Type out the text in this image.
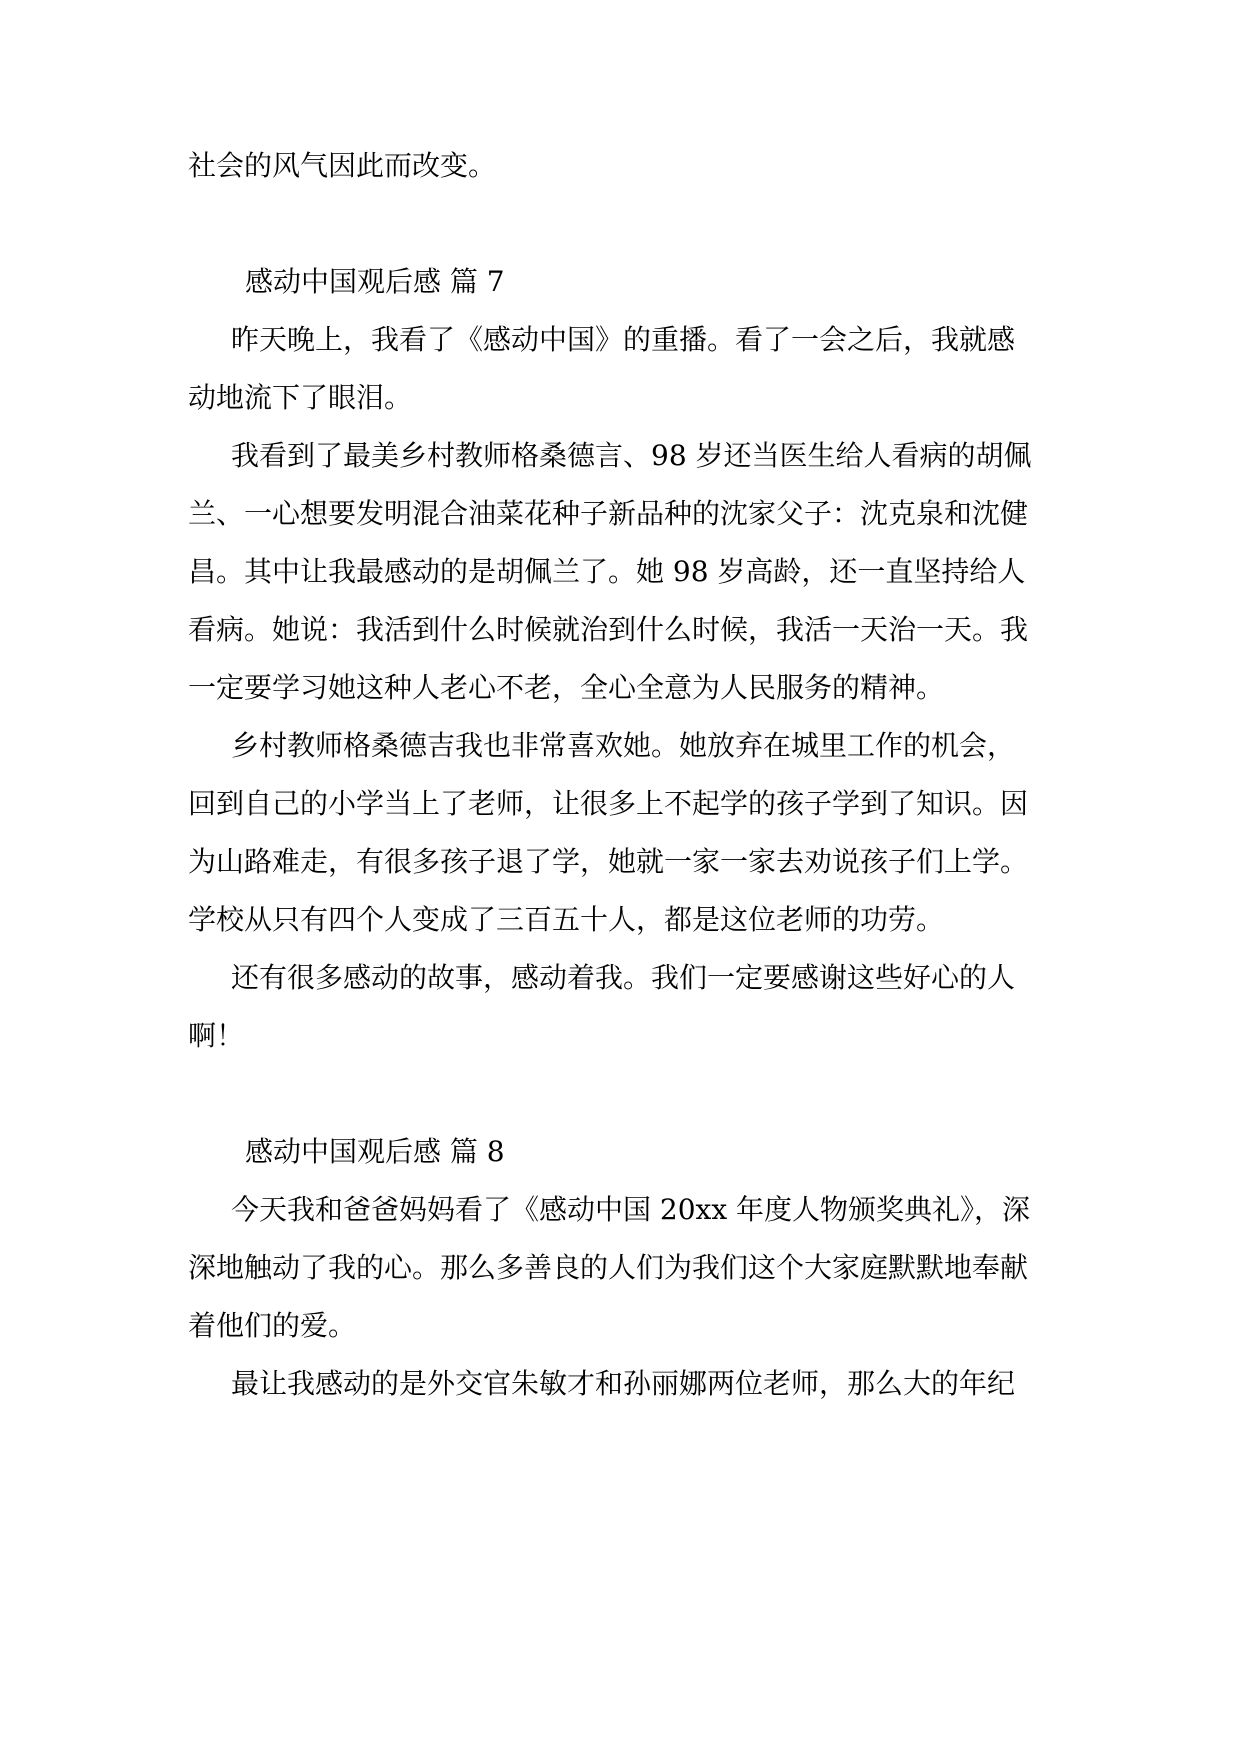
社会的风气因此而改变。
感动中国观后感 篇 7
昨天晚上，我看了《感动中国》的重播。看了一会之后，我就感
动地流下了眼泪。
我看到了最美乡村教师格桑德言、98 岁还当医生给人看病的胡佩
兰、一心想要发明混合油菜花种子新品种的沈家父子：沈克泉和沈健
昌。其中让我最感动的是胡佩兰了。她 98 岁高龄，还一直坚持给人
看病。她说：我活到什么时候就治到什么时候，我活一天治一天。我
一定要学习她这种人老心不老，全心全意为人民服务的精神。
乡村教师格桑德吉我也非常喜欢她。她放弃在城里工作的机会，
回到自己的小学当上了老师，让很多上不起学的孩子学到了知识。因
为山路难走，有很多孩子退了学，她就一家一家去劝说孩子们上学。
学校从只有四个人变成了三百五十人，都是这位老师的功劳。
还有很多感动的故事，感动着我。我们一定要感谢这些好心的人
啊！
感动中国观后感 篇 8
今天我和爸爸妈妈看了《感动中国 20xx 年度人物颁奖典礼》，深
深地触动了我的心。那么多善良的人们为我们这个大家庭默默地奉献
着他们的爱。
最让我感动的是外交官朱敏才和孙丽娜两位老师，那么大的年纪
